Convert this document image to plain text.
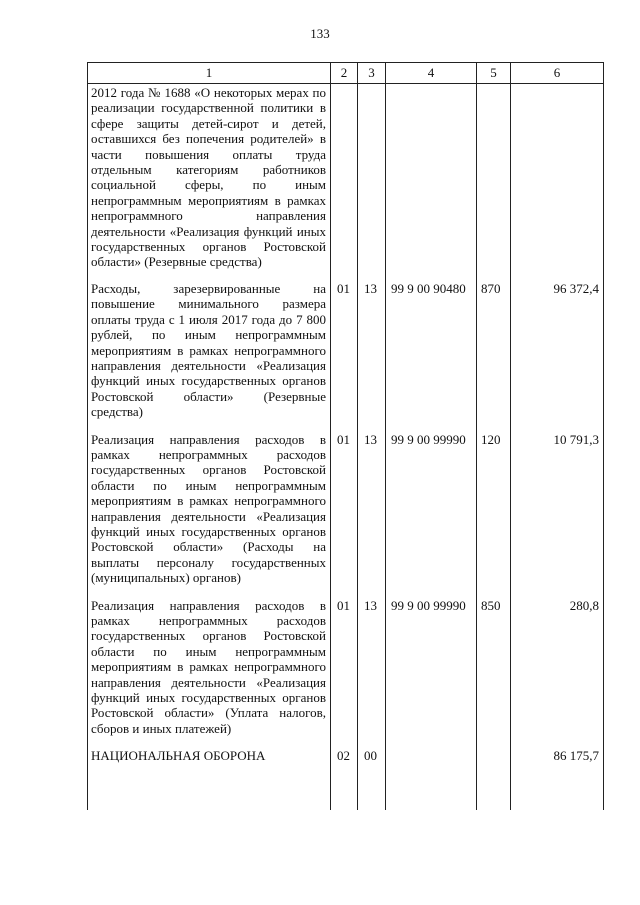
133
1	2	3	4	5	6
2012 года № 1688 «О некоторых мерах по реализации государственной политики в сфере защиты детей-сирот и детей, оставшихся без попечения родителей» в части повышения оплаты труда отдельным категориям работников социальной сферы, по иным непрограммным мероприятиям в рамках непрограммного направления деятельности «Реализация функций иных государственных органов Ростовской области» (Резервные средства)					
Расходы, зарезервированные на повышение минимального размера оплаты труда с 1 июля 2017 года до 7 800 рублей, по иным непрограммным мероприятиям в рамках непрограммного направления деятельности «Реализация функций иных государственных органов Ростовской области» (Резервные средства)	01	13	99 9 00 90480	870	96 372,4
Реализация направления расходов в рамках непрограммных расходов государственных органов Ростовской области по иным непрограммным мероприятиям в рамках непрограммного направления деятельности «Реализация функций иных государственных органов Ростовской области» (Расходы на выплаты персоналу государственных (муниципальных) органов)	01	13	99 9 00 99990	120	10 791,3
Реализация направления расходов в рамках непрограммных расходов государственных органов Ростовской области по иным непрограммным мероприятиям в рамках непрограммного направления деятельности «Реализация функций иных государственных органов Ростовской области» (Уплата налогов, сборов и иных платежей)	01	13	99 9 00 99990	850	280,8
НАЦИОНАЛЬНАЯ ОБОРОНА	02	00			86 175,7
